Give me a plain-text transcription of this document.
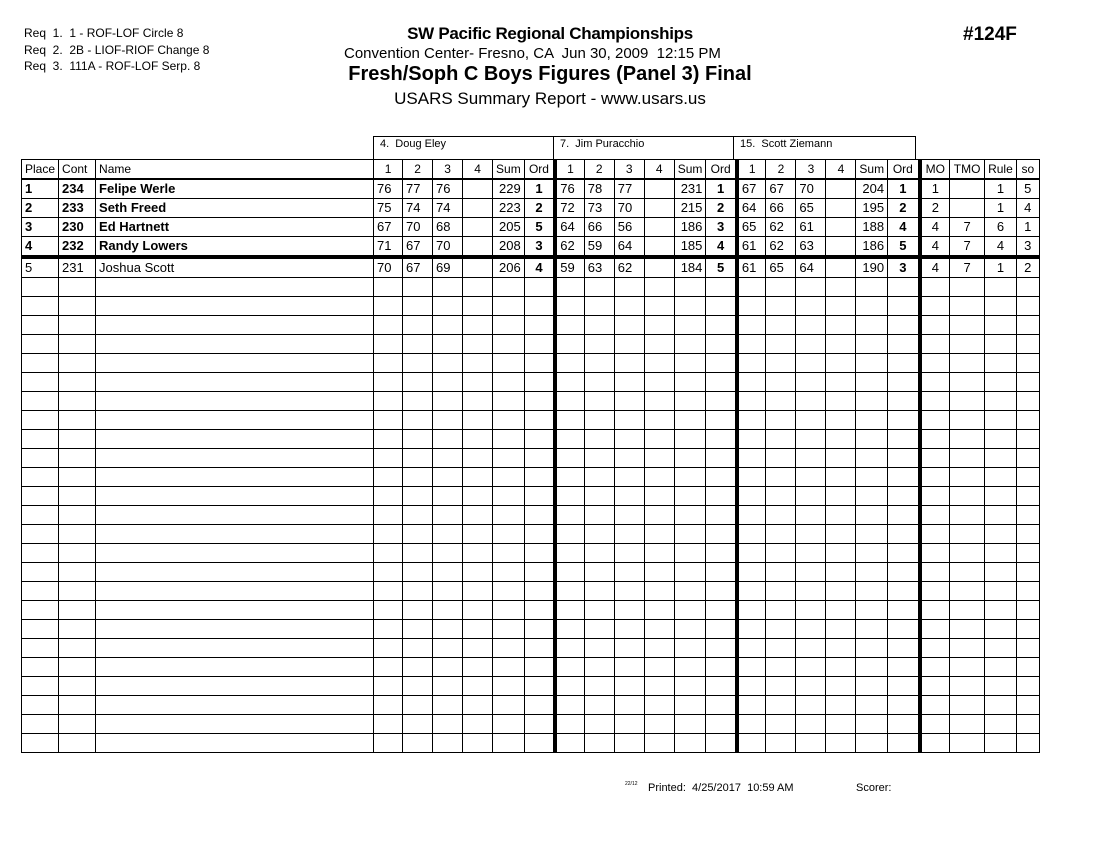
Req  1.  1 - ROF-LOF Circle 8
Req  2.  2B - LIOF-RIOF Change 8
Req  3.  111A - ROF-LOF Serp. 8
SW Pacific Regional Championships
Convention Center- Fresno, CA  Jun 30, 2009  12:15 PM
Fresh/Soph C Boys Figures (Panel 3) Final
USARS Summary Report - www.usars.us
#124F
4.  Doug Eley	7.  Jim Puracchio	15.  Scott Ziemann
Place	Cont	Name	1	2	3	4	Sum	Ord	1	2	3	4	Sum	Ord	1	2	3	4	Sum	Ord	MO	TMO	Rule	so
1	234	Felipe Werle	76	77	76		229	1	76	78	77		231	1	67	67	70		204	1	1		1	5
2	233	Seth Freed	75	74	74		223	2	72	73	70		215	2	64	66	65		195	2	2		1	4
3	230	Ed Hartnett	67	70	68		205	5	64	66	56		186	3	65	62	61		188	4	4	7	6	1
4	232	Randy Lowers	71	67	70		208	3	62	59	64		185	4	61	62	63		186	5	4	7	4	3
5	231	Joshua Scott	70	67	69		206	4	59	63	62		184	5	61	65	64		190	3	4	7	1	2

22/12 Printed:  4/25/2017  10:59 AM	Scorer:
